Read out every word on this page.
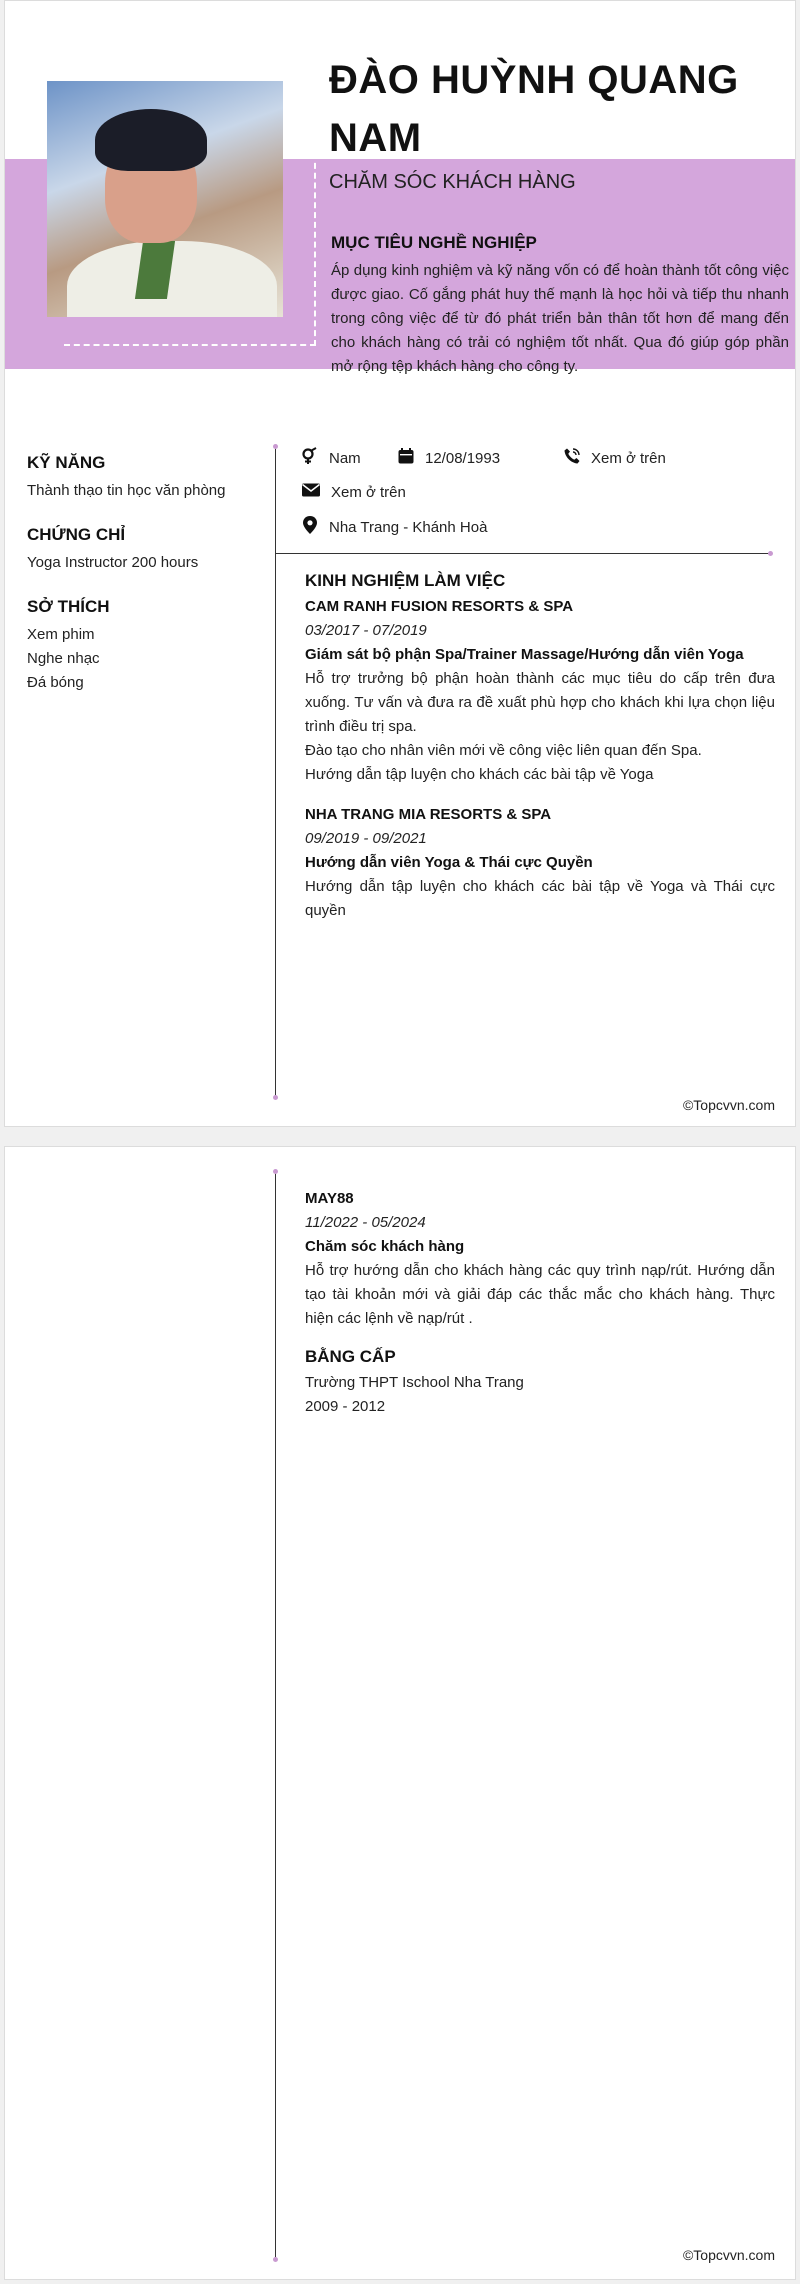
ĐÀO HUỲNH QUANG NAM
CHĂM SÓC KHÁCH HÀNG
MỤC TIÊU NGHỀ NGHIỆP
Áp dụng kinh nghiệm và kỹ năng vốn có để hoàn thành tốt công việc được giao. Cố gắng phát huy thế mạnh là học hỏi và tiếp thu nhanh trong công việc để từ đó phát triển bản thân tốt hơn để mang đến cho khách hàng có trải có nghiệm tốt nhất. Qua đó giúp góp phần mở rộng tệp khách hàng cho công ty.
KỸ NĂNG
Thành thạo tin học văn phòng
CHỨNG CHỈ
Yoga Instructor 200 hours
SỞ THÍCH
Xem phim
Nghe nhạc
Đá bóng
Nam	12/08/1993	Xem ở trên
Xem ở trên
Nha Trang - Khánh Hoà
KINH NGHIỆM LÀM VIỆC
CAM RANH FUSION RESORTS & SPA
03/2017 - 07/2019
Giám sát bộ phận Spa/Trainer Massage/Hướng dẫn viên Yoga
Hỗ trợ trưởng bộ phận hoàn thành các mục tiêu do cấp trên đưa xuống. Tư vấn và đưa ra đề xuất phù hợp cho khách khi lựa chọn liệu trình điều trị spa.
Đào tạo cho nhân viên mới về công việc liên quan đến Spa.
Hướng dẫn tập luyện cho khách các bài tập về Yoga
NHA TRANG MIA RESORTS & SPA
09/2019 - 09/2021
Hướng dẫn viên Yoga & Thái cực Quyền
Hướng dẫn tập luyện cho khách các bài tập về Yoga và Thái cực quyền
©Topcvvn.com
MAY88
11/2022 - 05/2024
Chăm sóc khách hàng
Hỗ trợ hướng dẫn cho khách hàng các quy trình nạp/rút. Hướng dẫn tạo tài khoản mới và giải đáp các thắc mắc cho khách hàng. Thực hiện các lệnh về nạp/rút .
BẰNG CẤP
Trường THPT Ischool Nha Trang
2009 - 2012
©Topcvvn.com
